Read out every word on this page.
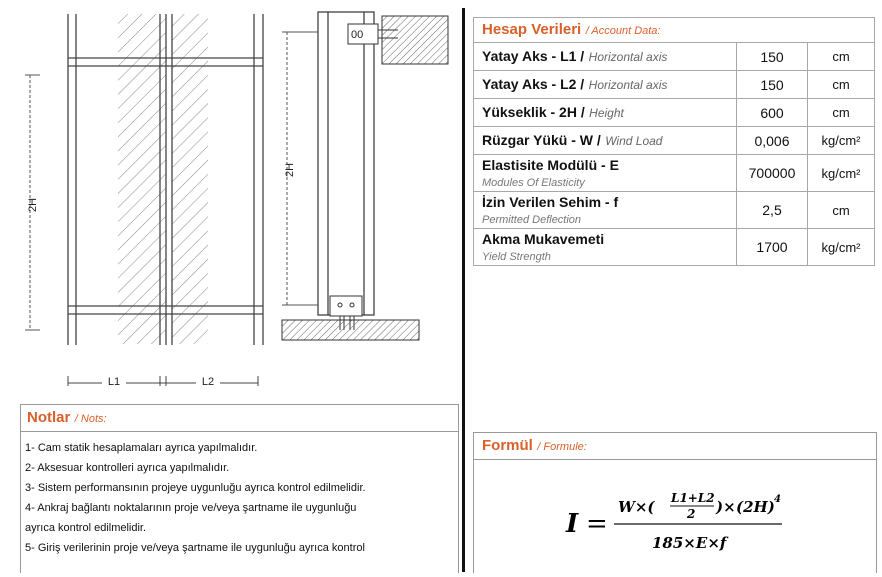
2H
L1	L2
2H
00	Hesap Verileri / Account Data:		
Yatay Aks - L1 / Horizontal axis	150	cm
Yatay Aks - L2 / Horizontal axis	150	cm
Yükseklik - 2H / Height	600	cm
Rüzgar Yükü - W / Wind Load	0,006	kg/cm²
Elastisite Modülü - E
Modules Of Elasticity	700000	kg/cm²
İzin Verilen Sehim - f
Permitted Deflection	2,5	cm
Akma Mukavemeti
Yield Strength	1700	kg/cm²
Notlar / Nots:
1- Cam statik hesaplamaları ayrıca yapılmalıdır.
2- Aksesuar kontrolleri ayrıca yapılmalıdır.
3- Sistem performansının projeye uygunluğu ayrıca kontrol edilmelidir.
4- Ankraj bağlantı noktalarının proje ve/veya şartname ile uygunluğu
ayrıca kontrol edilmelidir.
5- Giriş verilerinin proje ve/veya şartname ile uygunluğu ayrıca kontrol
Formül / Formule:
I =
W×( L1+L2
2 )× (2H) 4
185×E×f
